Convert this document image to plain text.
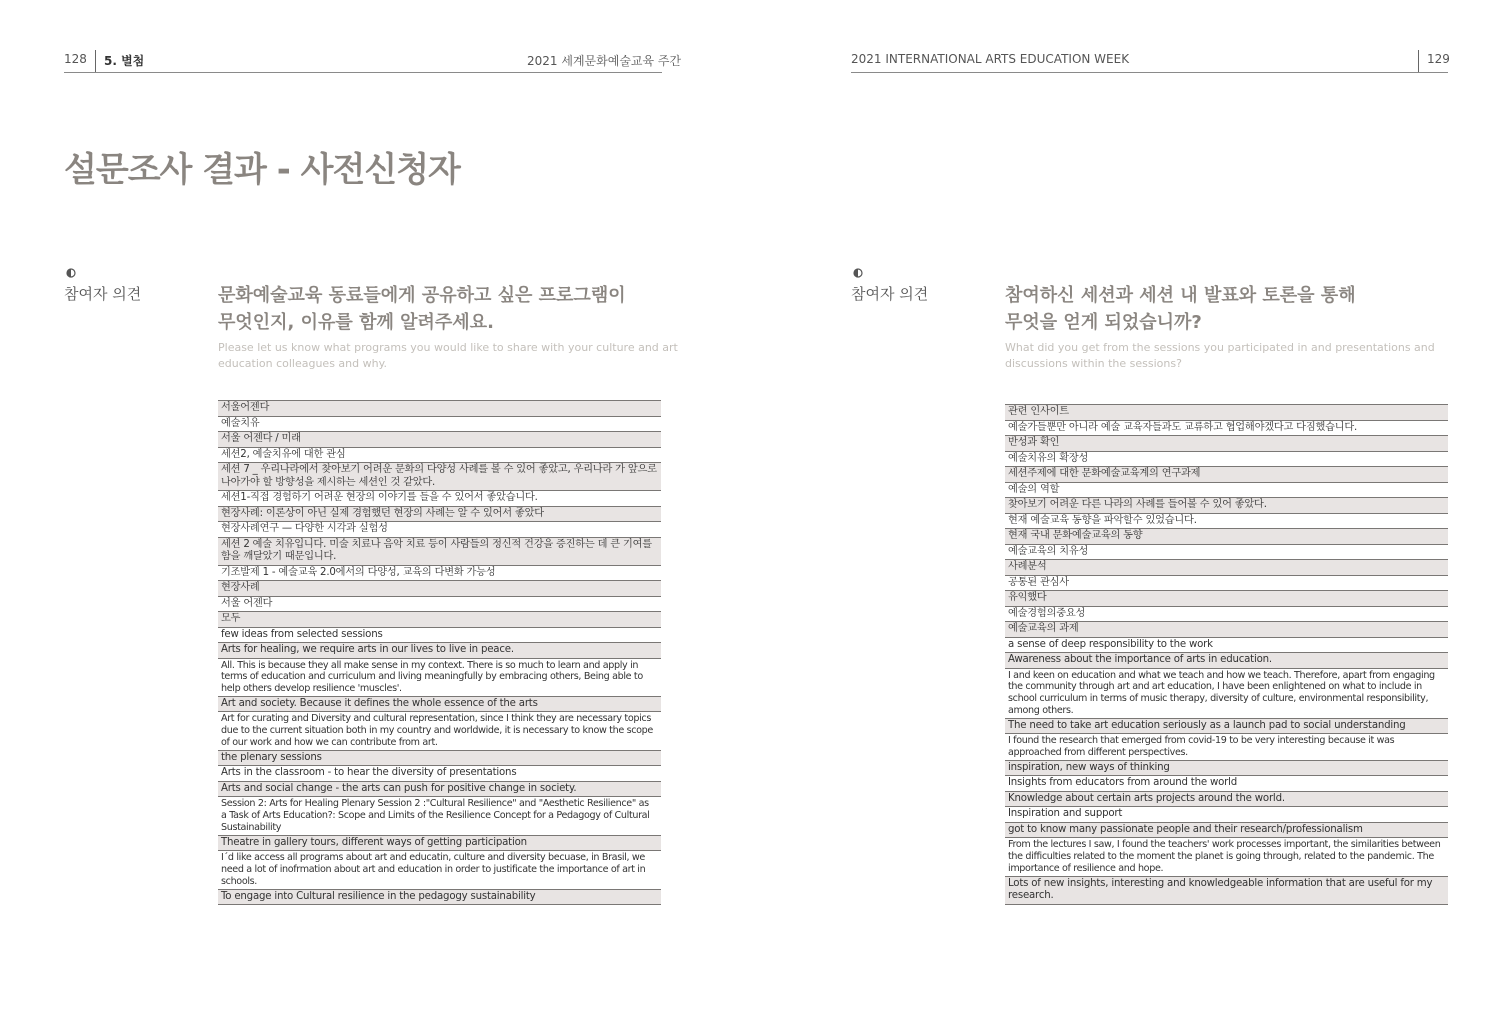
128 5. 별첨	2021 세계문화예술교육 주간	2021 INTERNATIONAL ARTS EDUCATION WEEK	129
설문조사 결과 - 사전신청자
참여자 의견	문화예술교육 동료들에게 공유하고 싶은 프로그램이
무엇인지, 이유를 함께 알려주세요.
Please let us know what programs you would like to share with your culture and art
education colleagues and why.
서울어젠다
예술치유
서울 어젠다 / 미래
세션2, 예술치유에 대한 관심
세션 7 _ 우리나라에서 찾아보기 어려운 문화의 다양성 사례를 볼 수 있어 좋았고, 우리나라 가 앞으로 나아가야 할 방향성을 제시하는 세션인 것 같았다.
세션1-직접 경험하기 어려운 현장의 이야기를 들을 수 있어서 좋았습니다.
현장사례: 이론상이 아닌 실제 경험했던 현장의 사례는 알 수 있어서 좋았다
현장사례연구 — 다양한 시각과 실험성
세션 2 예술 치유입니다. 미술 치료나 음악 치료 등이 사람들의 정신적 건강을 증진하는 데 큰 기여를 함을 깨달았기 때문입니다.
기조발제 1 - 예술교육 2.0에서의 다양성, 교육의 다변화 가능성
현장사례
서울 어젠다
모두
few ideas from selected sessions
Arts for healing, we require arts in our lives to live in peace.
All. This is because they all make sense in my context. There is so much to learn and apply in terms of education and curriculum and living meaningfully by embracing others, Being able to help others develop resilience 'muscles'.
Art and society. Because it defines the whole essence of the arts
Art for curating and Diversity and cultural representation, since I think they are necessary topics due to the current situation both in my country and worldwide, it is necessary to know the scope of our work and how we can contribute from art.
the plenary sessions
Arts in the classroom - to hear the diversity of presentations
Arts and social change - the arts can push for positive change in society.
Session 2: Arts for Healing Plenary Session 2 :"Cultural Resilience" and "Aesthetic Resilience" as a Task of Arts Education?: Scope and Limits of the Resilience Concept for a Pedagogy of Cultural Sustainability
Theatre in gallery tours, different ways of getting participation
I´d like access all programs about art and educatin, culture and diversity becuase, in Brasil, we need a lot of inofrmation about art and education in order to justificate the importance of art in schools.
To engage into Cultural resilience in the pedagogy sustainability
참여자 의견	참여하신 세션과 세션 내 발표와 토론을 통해
무엇을 얻게 되었습니까?
What did you get from the sessions you participated in and presentations and
discussions within the sessions?
관련 인사이트
예술가들뿐만 아니라 예술 교육자들과도 교류하고 협업해야겠다고 다짐했습니다.
반성과 확인
예술치유의 확장성
세션주제에 대한 문화예술교육계의 연구과제
예술의 역할
찾아보기 어려운 다른 나라의 사례를 들어볼 수 있어 좋았다.
현재 예술교육 동향을 파악할수 있었습니다.
현재 국내 문화예술교육의 동향
예술교육의 치유성
사례분석
공통된 관심사
유익했다
예술경험의중요성
예술교육의 과제
a sense of deep responsibility to the work
Awareness about the importance of arts in education.
I and keen on education and what we teach and how we teach. Therefore, apart from engaging the community through art and art education, I have been enlightened on what to include in school curriculum in terms of music therapy, diversity of culture, environmental responsibility, among others.
The need to take art education seriously as a launch pad to social understanding
I found the research that emerged from covid-19 to be very interesting because it was approached from different perspectives.
inspiration, new ways of thinking
Insights from educators from around the world
Knowledge about certain arts projects around the world.
Inspiration and support
got to know many passionate people and their research/professionalism
From the lectures I saw, I found the teachers' work processes important, the similarities between the difficulties related to the moment the planet is going through, related to the pandemic. The importance of resilience and hope.
Lots of new insights, interesting and knowledgeable information that are useful for my research.
